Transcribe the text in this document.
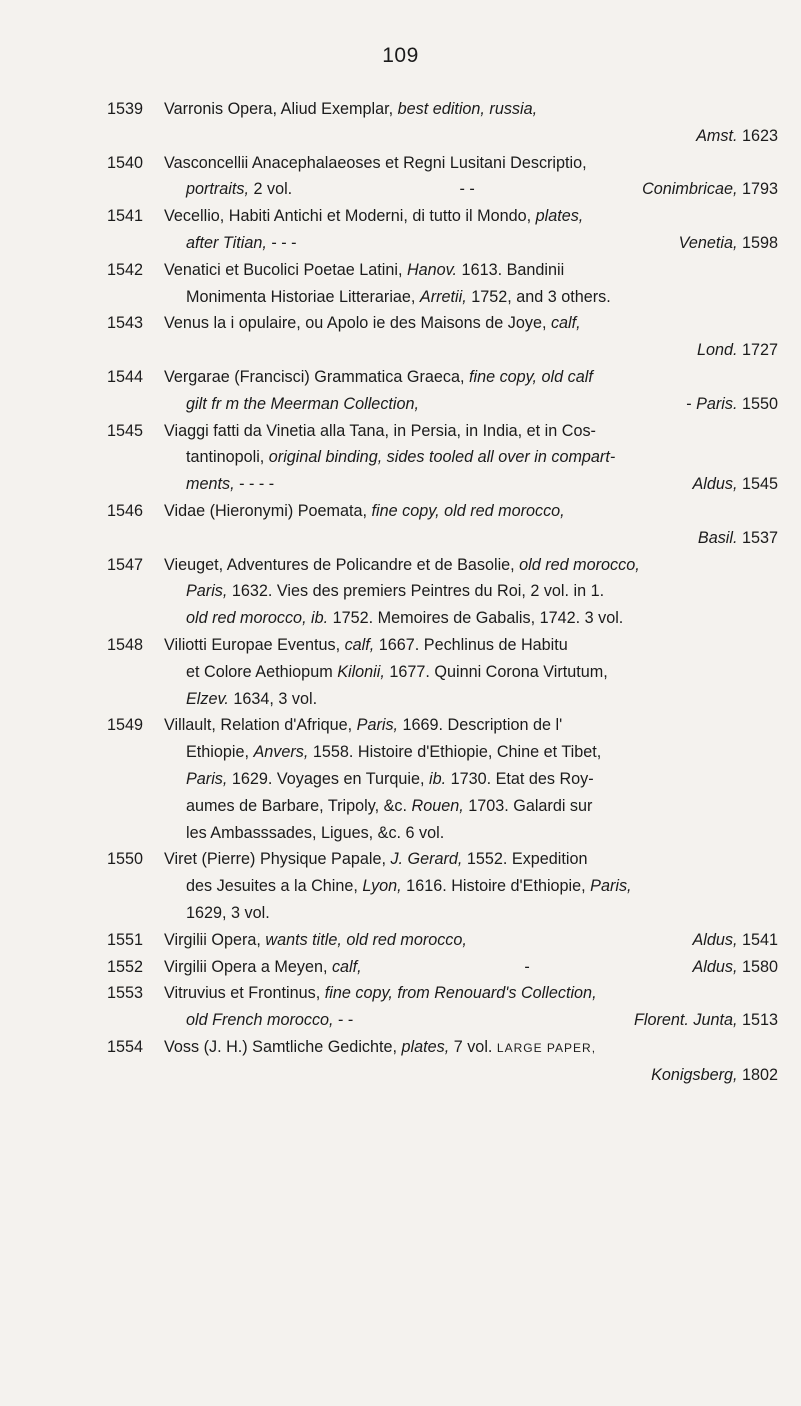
109
1539	Varronis Opera, Aliud Exemplar, best edition, russia,
Amst. 1623
1540	Vasconcellii Anacephalaeoses et Regni Lusitani Descriptio,
portraits, 2 vol.	- -	Conimbricae, 1793
1541	Vecellio, Habiti Antichi et Moderni, di tutto il Mondo, plates,
after Titian, - - -	Venetia, 1598
1542	Venatici et Bucolici Poetae Latini, Hanov. 1613. Bandinii
Monimenta Historiae Litterariae, Arretii, 1752, and 3 others.
1543	Venus la i opulaire, ou Apolo ie des Maisons de Joye, calf,
Lond. 1727
1544	Vergarae (Francisci) Grammatica Graeca, fine copy, old calf
gilt fr m the Meerman Collection,	- Paris. 1550
1545	Viaggi fatti da Vinetia alla Tana, in Persia, in India, et in Cos-
tantinopoli, original binding, sides tooled all over in compart-
ments, - - - -	Aldus, 1545
1546	Vidae (Hieronymi) Poemata, fine copy, old red morocco,
Basil. 1537
1547	Vieuget, Adventures de Policandre et de Basolie, old red morocco,
Paris, 1632. Vies des premiers Peintres du Roi, 2 vol. in 1.
old red morocco, ib. 1752. Memoires de Gabalis, 1742. 3 vol.
1548	Viliotti Europae Eventus, calf, 1667. Pechlinus de Habitu
et Colore Aethiopum Kilonii, 1677. Quinni Corona Virtutum,
Elzev. 1634, 3 vol.
1549	Villault, Relation d'Afrique, Paris, 1669. Description de l'
Ethiopie, Anvers, 1558. Histoire d'Ethiopie, Chine et Tibet,
Paris, 1629. Voyages en Turquie, ib. 1730. Etat des Roy-
aumes de Barbare, Tripoly, &c. Rouen, 1703. Galardi sur
les Ambasssades, Ligues, &c. 6 vol.
1550	Viret (Pierre) Physique Papale, J. Gerard, 1552. Expedition
des Jesuites a la Chine, Lyon, 1616. Histoire d'Ethiopie, Paris,
1629, 3 vol.
1551	Virgilii Opera, wants title, old red morocco,	Aldus, 1541
1552	Virgilii Opera a Meyen, calf,	-	Aldus, 1580
1553	Vitruvius et Frontinus, fine copy, from Renouard's Collection,
old French morocco, - -	Florent. Junta, 1513
1554	Voss (J. H.) Samtliche Gedichte, plates, 7 vol. LARGE PAPER,
Konigsberg, 1802
